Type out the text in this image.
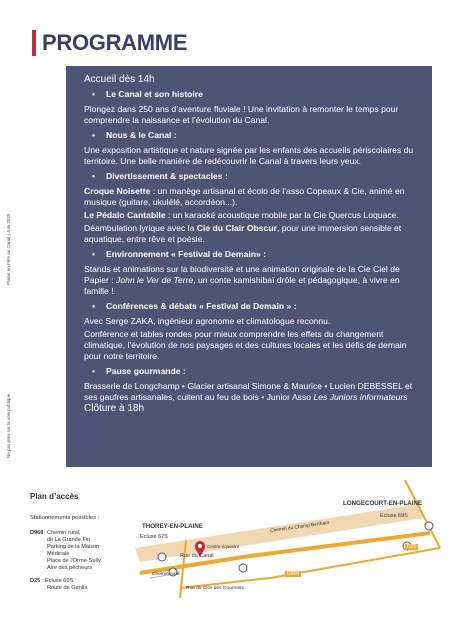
PROGRAMME
Plaine en Fête au Canal | Juin 2025
Ne pas jeter sur la voie publique

Accueil dès 14h

•	Le Canal et son histoire

Plongez dans 250 ans d’aventure fluviale ! Une invitation à remonter le temps pour comprendre la naissance et l’évolution du Canal.

•	Nous & le Canal :

Une exposition artistique et nature signée par les enfants des accueils périscolaires du territoire. Une belle manière de redécouvrir le Canal à travers leurs yeux.

•	Divertissement & spectacles :

Croque Noisette : un manège artisanal et écolo de l’asso Copeaux & Cie, animé en musique (guitare, ukulélé, accordéon...).

Le Pédalo Cantabile : un karaoké acoustique mobile par la Cie Quercus Loquace.

Déambulation lyrique avec la Cie du Clair Obscur, pour une immersion sensible et aquatique, entre rêve et poésie.

•	Environnement « Festival de Demain» :

Stands et animations sur la biodiversité et une animation originale de la Cie Ciel de Papier : John le Ver de Terre, un conte kamishibaï drôle et pédagogique, à vivre en famille !

•	Conférences & débats « Festival de Demain » :

Avec Serge ZAKA, ingénieur agronome et climatologue reconnu.

Conférence et tables rondes pour mieux comprendre les effets du changement climatique, l’évolution de nos paysages et des cultures locales et les défis de demain pour notre territoire.

•	Pause gourmande :

Brasserie de Longchamp • Glacier artisanal Simone & Maurice • Lucien DEBESSEL et ses gaufres artisanales, cuitent au feu de bois • Junior Asso Les Juniors informateurs

Clôture à 18h

Plan d’accès
Stationnements possibles :
D968 Chemin rural,
dit La Grande Fin
Parking de la Maison
Médicale
Place de l’Orme-Sully
Aire des pêcheurs
D25 : Ecluse 69S
Route de Genlis
THOREY-EN-PLAINE
LONGECOURT-EN-PLAINE
Ecluse 67S
Ecluse 69S
Rue du Canal
Centre équestre
Chemin du Champ Berthaut
Chemin rural
Rue du Clos des Gourmets
D25
D968
